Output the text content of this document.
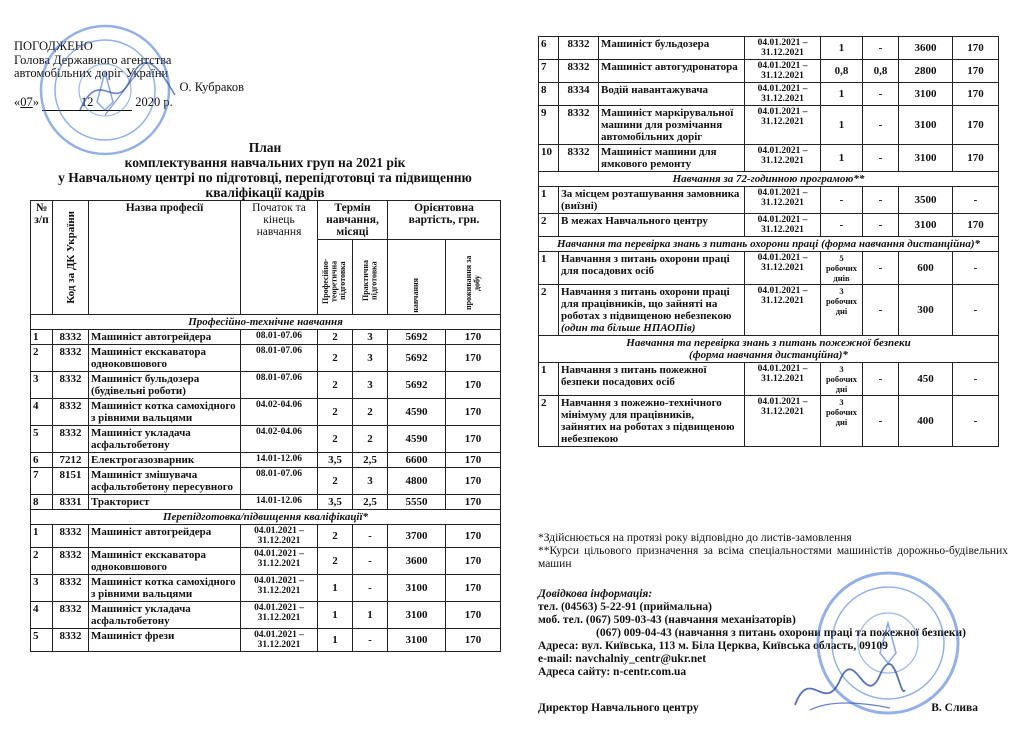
ПОГОДЖЕНО
Голова Державного агентства
автомобільних доріг України
О. Кубраков
«07»	12	2020 р.
План
комплектування навчальних груп на 2021 рік
у Навчальному центрі по підготовці, перепідготовці та підвищенню
кваліфікації кадрів
№ з/п	Код за ДК України	Назва професії	Початок та кінець навчання	Термін навчання, місяці		Орієнтовна вартість, грн.	

				Професійно-теоретична підготовка	Практична підготовка	навчання	проживання за добу

Професійно-технічне навчання							
1	8332	Машиніст автогрейдера	08.01-07.06	2	3	5692	170
2	8332	Машиніст екскаватора одноковшового	08.01-07.06	2	3	5692	170
3	8332	Машиніст бульдозера (будівельні роботи)	08.01-07.06	2	3	5692	170
4	8332	Машиніст котка самохідного з рівними вальцями	04.02-04.06	2	2	4590	170
5	8332	Машиніст укладача асфальтобетону	04.02-04.06	2	2	4590	170
6	7212	Електрогазозварник	14.01-12.06	3,5	2,5	6600	170
7	8151	Машиніст змішувача асфальтобетону пересувного	08.01-07.06	2	3	4800	170
8	8331	Тракторист	14.01-12.06	3,5	2,5	5550	170
Перепідготовка/підвищення кваліфікації*							
1	8332	Машиніст автогрейдера	04.01.2021 – 31.12.2021	2	-	3700	170
2	8332	Машиніст екскаватора одноковшового	04.01.2021 – 31.12.2021	2	-	3600	170
3	8332	Машиніст котка самохідного з рівними вальцями	04.01.2021 – 31.12.2021	1	-	3100	170
4	8332	Машиніст укладача асфальтобетону	04.01.2021 – 31.12.2021	1	1	3100	170
5	8332	Машиніст фрези	04.01.2021 – 31.12.2021	1	-	3100	170
6	8332	Машиніст бульдозера	04.01.2021 – 31.12.2021	1	-	3600	170
7	8332	Машиніст автогудронатора	04.01.2021 – 31.12.2021	0,8	0,8	2800	170
8	8334	Водій навантажувача	04.01.2021 – 31.12.2021	1	-	3100	170
9	8332	Машиніст маркірувальної машини для розмічання автомобільних доріг	04.01.2021 – 31.12.2021	1	-	3100	170
10	8332	Машиніст машини для ямкового ремонту	04.01.2021 – 31.12.2021	1	-	3100	170
Навчання за 72-годинною програмою**							
1	За місцем розташування замовника (виїзні)		04.01.2021 – 31.12.2021	-	-	3500	-
2	В межах Навчального центру		04.01.2021 – 31.12.2021	-	-	3100	170
Навчання та перевірка знань з питань охорони праці (форма навчання дистанційна)*							
1	Навчання з питань охорони праці для посадових осіб		04.01.2021 – 31.12.2021	5 робочих днів	-	600	-
2	Навчання з питань охорони праці для працівників, що зайняті на роботах з підвищеною небезпекою (один та більше НПАОПів)		04.01.2021 – 31.12.2021	3 робочих дні	-	300	-
Навчання та перевірка знань з питань пожежної безпеки
(форма навчання дистанційна)*							
1	Навчання з питань пожежної безпеки посадових осіб		04.01.2021 – 31.12.2021	3 робочих дні	-	450	-
2	Навчання з пожежно-технічного мінімуму для працівників, зайнятих на роботах з підвищеною небезпекою		04.01.2021 – 31.12.2021	3 робочих дні	-	400	-
*Здійснюється на протязі року відповідно до листів-замовлення
**Курси цільового призначення за всіма спеціальностями машиністів дорожньо-будівельних машин
Довідкова інформація:
тел. (04563) 5-22-91 (приймальна)
моб. тел. (067) 509-03-43 (навчання механізаторів)
(067) 009-04-43 (навчання з питань охорони праці та пожежної безпеки)
Адреса: вул. Київська, 113 м. Біла Церква, Київська область, 09109
e-mail: navchalniy_centr@ukr.net
Адреса сайту: n-centr.com.ua
Директор Навчального центру	В. Слива
